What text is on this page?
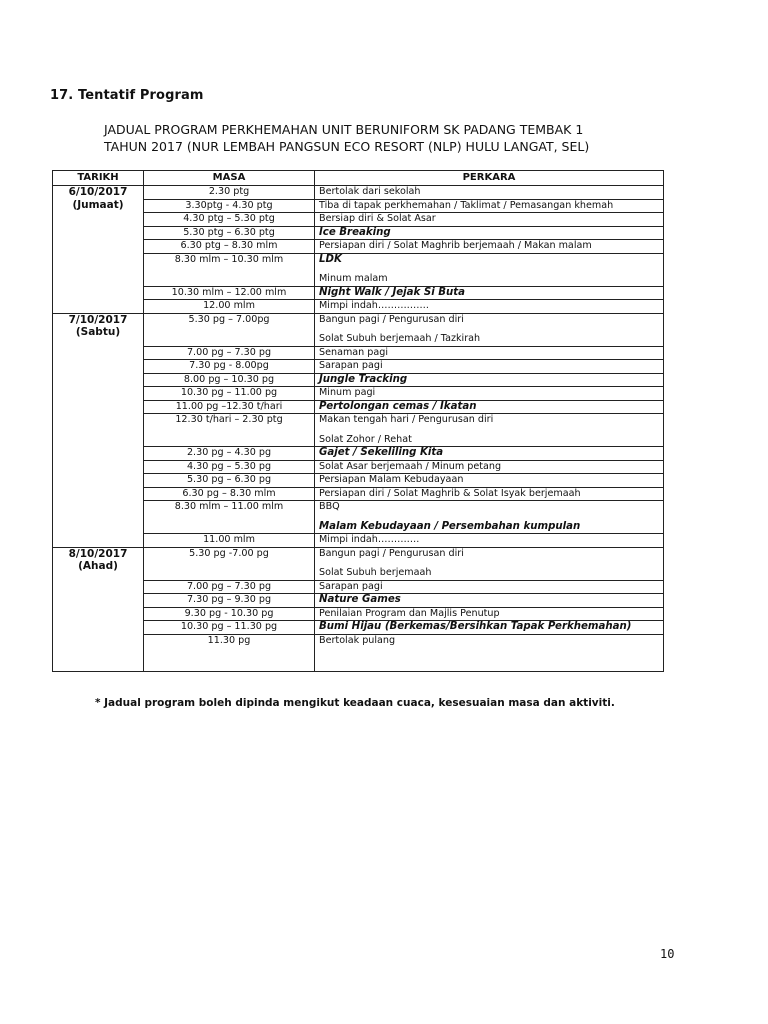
17. Tentatif Program
JADUAL PROGRAM PERKHEMAHAN UNIT BERUNIFORM SK PADANG TEMBAK 1
TAHUN 2017 (NUR LEMBAH PANGSUN ECO RESORT (NLP) HULU LANGAT, SEL)
TARIKH	MASA	PERKARA

6/10/2017
(Jumaat)	2.30 ptg	Bertolak dari sekolah

	3.30ptg - 4.30 ptg	Tiba di tapak perkhemahan / Taklimat / Pemasangan khemah

	4.30 ptg – 5.30 ptg	Bersiap diri & Solat Asar

	5.30 ptg – 6.30 ptg	Ice Breaking

	6.30 ptg – 8.30 mlm	Persiapan diri / Solat Maghrib berjemaah / Makan malam

	8.30 mlm – 10.30 mlm	LDK
Minum malam

	10.30 mlm – 12.00 mlm	Night Walk / Jejak Si Buta

	12.00 mlm	Mimpi indah…………….

7/10/2017
(Sabtu)	5.30 pg – 7.00pg	Bangun pagi / Pengurusan diri
Solat Subuh berjemaah / Tazkirah

	7.00 pg – 7.30 pg	Senaman pagi

	7.30 pg - 8.00pg	Sarapan pagi

	8.00 pg – 10.30 pg	Jungle Tracking

	10.30 pg – 11.00 pg	Minum pagi

	11.00 pg –12.30 t/hari	Pertolongan cemas / Ikatan

	12.30 t/hari – 2.30 ptg	Makan tengah hari / Pengurusan diri
Solat Zohor / Rehat

	2.30 pg – 4.30 pg	Gajet / Sekeliling Kita

	4.30 pg – 5.30 pg	Solat Asar berjemaah / Minum petang

	5.30 pg – 6.30 pg	Persiapan Malam Kebudayaan

	6.30 pg – 8.30 mlm	Persiapan diri / Solat Maghrib & Solat Isyak berjemaah

	8.30 mlm – 11.00 mlm	BBQ
Malam Kebudayaan / Persembahan kumpulan

	11.00 mlm	Mimpi indah………….

8/10/2017
(Ahad)	5.30 pg -7.00 pg	Bangun pagi / Pengurusan diri
Solat Subuh berjemaah

	7.00 pg – 7.30 pg	Sarapan pagi

	7.30 pg – 9.30 pg	Nature Games

	9.30 pg - 10.30 pg	Penilaian Program dan Majlis Penutup

	10.30 pg – 11.30 pg	Bumi Hijau (Berkemas/Bersihkan Tapak Perkhemahan)

	11.30 pg	Bertolak pulang
* Jadual program boleh dipinda mengikut keadaan cuaca, kesesuaian masa dan aktiviti.
10
